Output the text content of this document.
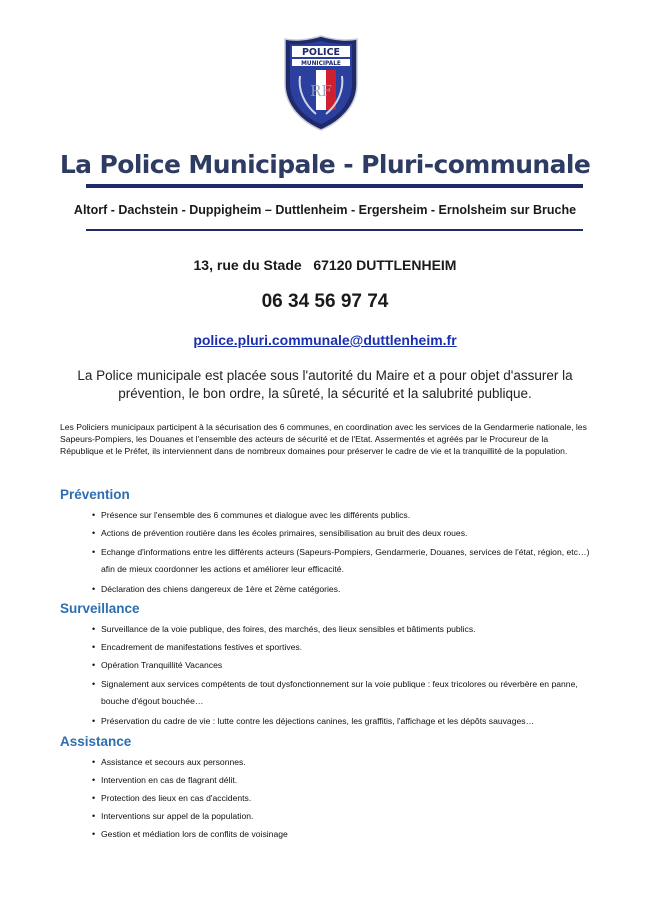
POLICE
MUNICIPALE
RF
La Police Municipale - Pluri-communale
Altorf - Dachstein - Duppigheim – Duttlenheim - Ergersheim - Ernolsheim sur Bruche
13, rue du Stade   67120 DUTTLENHEIM
06 34 56 97 74
police.pluri.communale@duttlenheim.fr
La Police municipale est placée sous l'autorité du Maire et a pour objet d'assurer la prévention, le bon ordre, la sûreté, la sécurité et la salubrité publique.
Les Policiers municipaux participent à la sécurisation des 6 communes, en coordination avec les services de la Gendarmerie nationale, les Sapeurs-Pompiers, les Douanes et l'ensemble des acteurs de sécurité et de l'Etat. Assermentés et agréés par le Procureur de la République et le Préfet, ils interviennent dans de nombreux domaines pour préserver le cadre de vie et la tranquillité de la population.
Prévention
• Présence sur l'ensemble des 6 communes et dialogue avec les différents publics.
• Actions de prévention routière dans les écoles primaires, sensibilisation au bruit des deux roues.
• Echange d'informations entre les différents acteurs (Sapeurs-Pompiers, Gendarmerie, Douanes, services de l'état, région, etc…) afin de mieux coordonner les actions et améliorer leur efficacité.
• Déclaration des chiens dangereux de 1ère et 2ème catégories.
Surveillance
• Surveillance de la voie publique, des foires, des marchés, des lieux sensibles et bâtiments publics.
• Encadrement de manifestations festives et sportives.
• Opération Tranquillité Vacances
• Signalement aux services compétents de tout dysfonctionnement sur la voie publique : feux tricolores ou réverbère en panne, bouche d'égout bouchée…
• Préservation du cadre de vie : lutte contre les déjections canines, les graffitis, l'affichage et les dépôts sauvages…
Assistance
• Assistance et secours aux personnes.
• Intervention en cas de flagrant délit.
• Protection des lieux en cas d'accidents.
• Interventions sur appel de la population.
• Gestion et médiation lors de conflits de voisinage
